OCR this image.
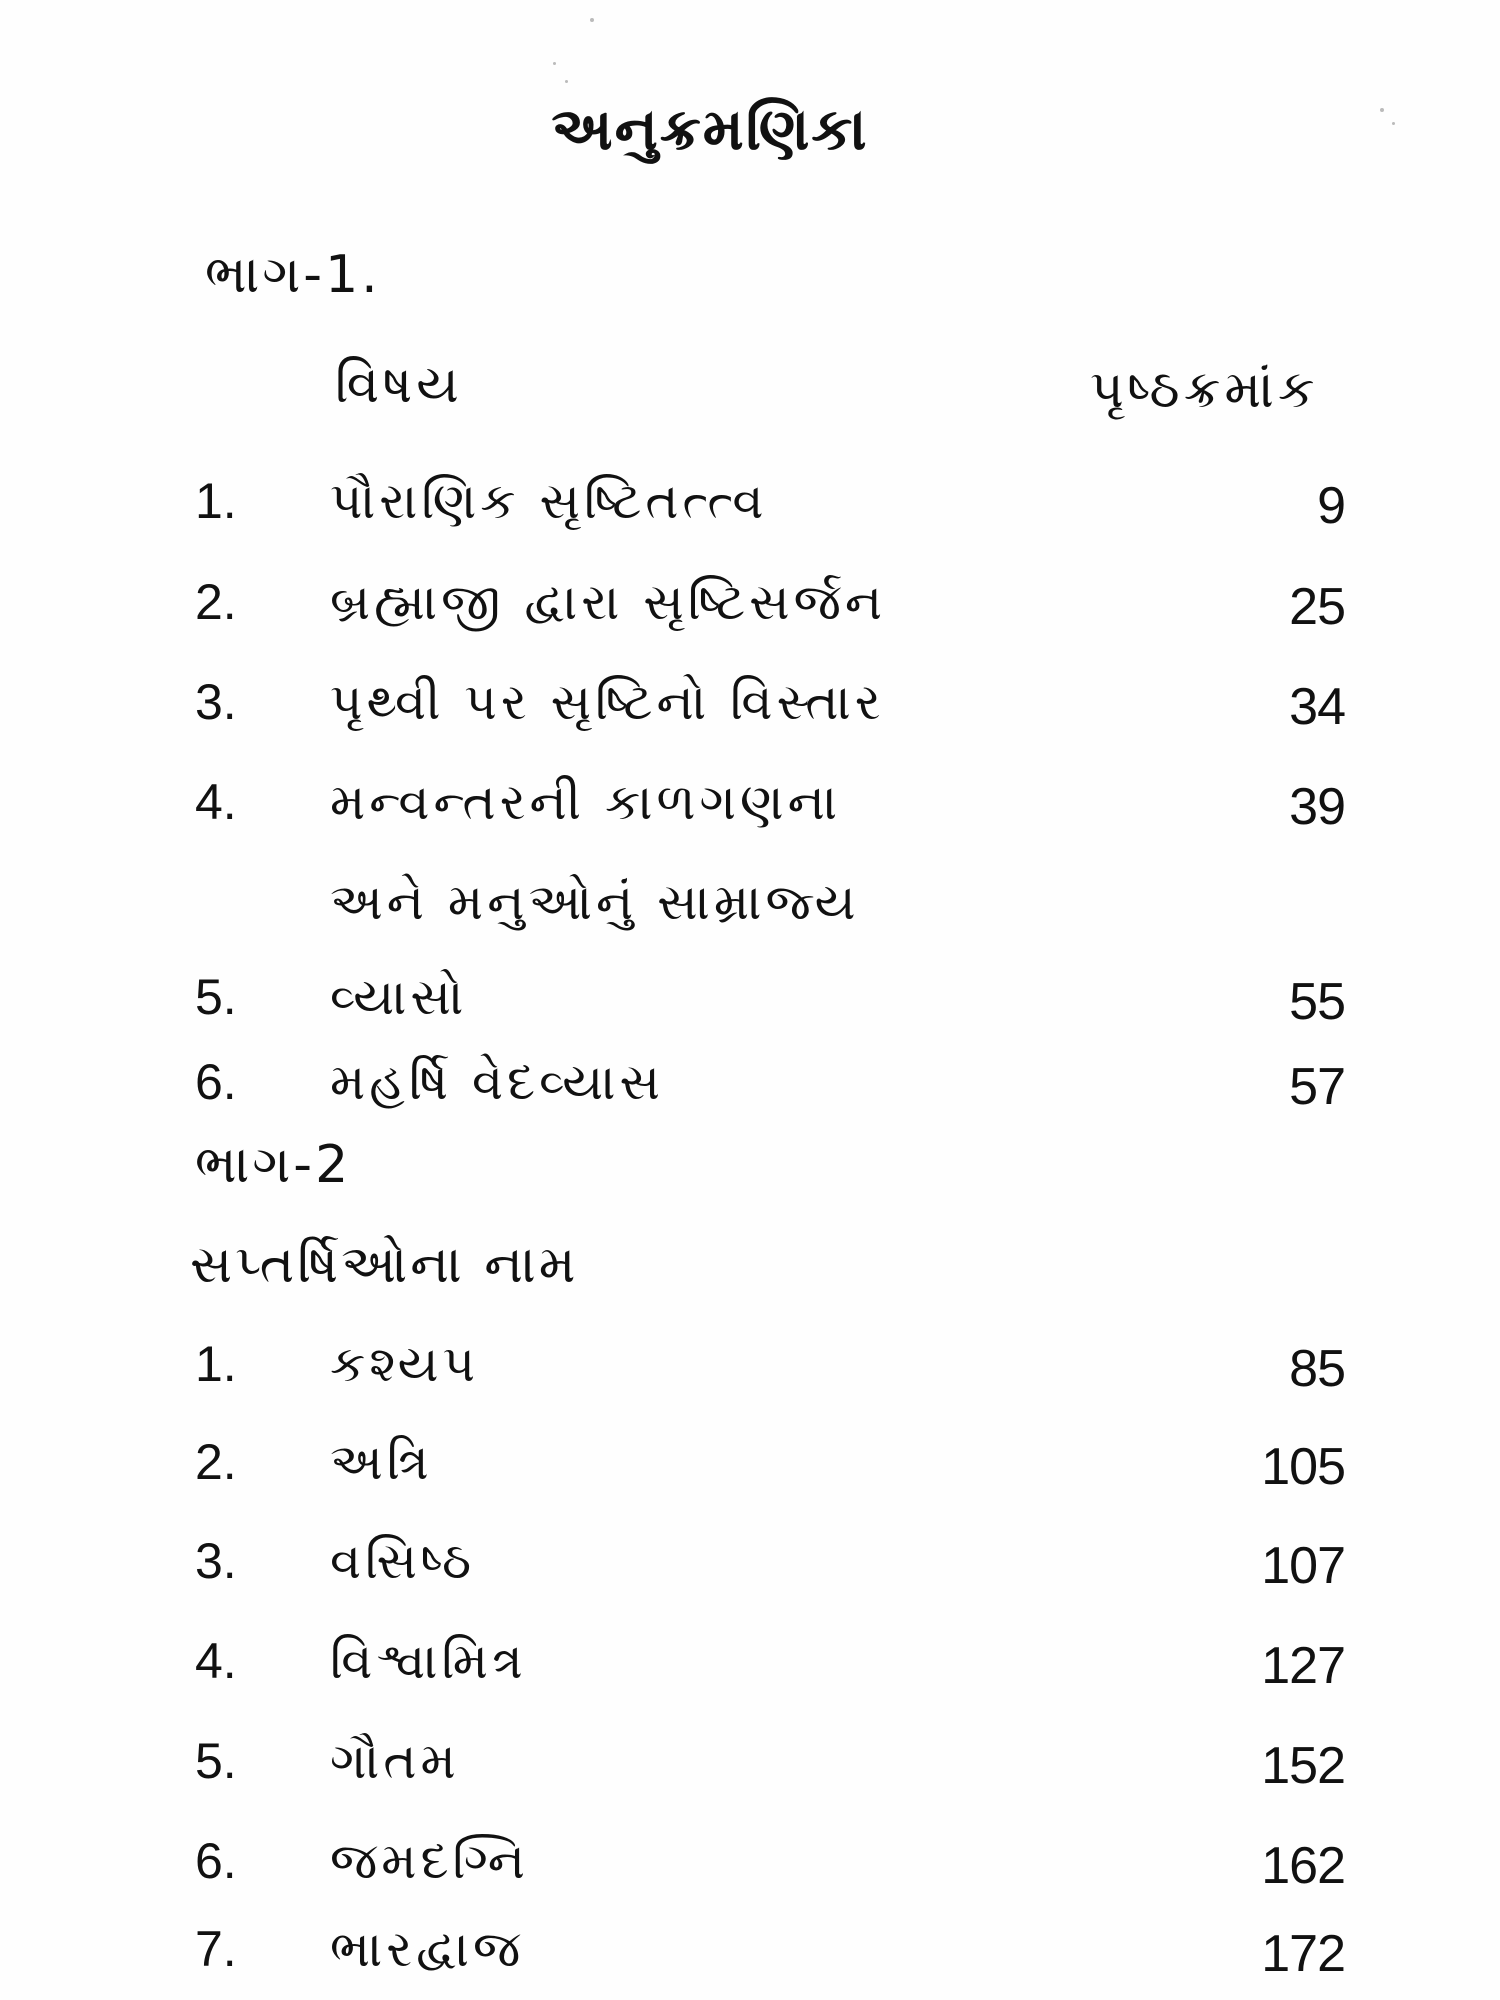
અનુક્રમણિકા
ભાગ-1.
વિષય	પૃષ્ઠક્રમાંક
1. પૌરાણિક સૃષ્ટિતત્ત્વ	9
2. બ્રહ્માજી દ્વારા સૃષ્ટિસર્જન	25
3. પૃથ્વી પર સૃષ્ટિનો વિસ્તાર	34
4. મન્વન્તરની કાળગણના	39
અને મનુઓનું સામ્રાજ્ય
5. વ્યાસો	55
6. મહર્ષિ વેદવ્યાસ	57
ભાગ-2
સપ્તર્ષિઓના નામ
1. કશ્યપ	85
2. અત્રિ	105
3. વસિષ્ઠ	107
4. વિશ્વામિત્ર	127
5. ગૌતમ	152
6. જમદગ્નિ	162
7. ભારદ્વાજ	172
